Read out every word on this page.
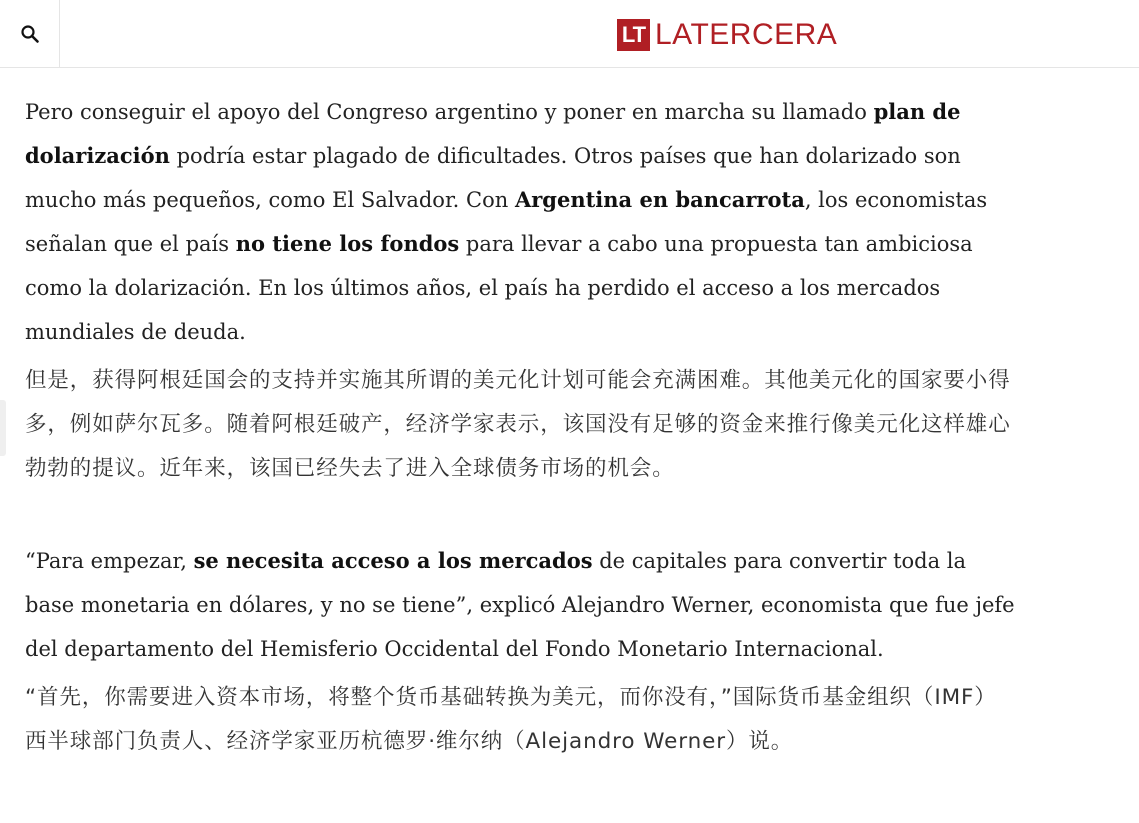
LT LATERCERA

Pero conseguir el apoyo del Congreso argentino y poner en marcha su llamado plan de dolarización podría estar plagado de dificultades. Otros países que han dolarizado son mucho más pequeños, como El Salvador. Con Argentina en bancarrota, los economistas señalan que el país no tiene los fondos para llevar a cabo una propuesta tan ambiciosa como la dolarización. En los últimos años, el país ha perdido el acceso a los mercados mundiales de deuda.

但是，获得阿根廷国会的支持并实施其所谓的美元化计划可能会充满困难。其他美元化的国家要小得多，例如萨尔瓦多。随着阿根廷破产，经济学家表示，该国没有足够的资金来推行像美元化这样雄心勃勃的提议。近年来，该国已经失去了进入全球债务市场的机会。

“Para empezar, se necesita acceso a los mercados de capitales para convertir toda la base monetaria en dólares, y no se tiene”, explicó Alejandro Werner, economista que fue jefe del departamento del Hemisferio Occidental del Fondo Monetario Internacional.

“首先，你需要进入资本市场，将整个货币基础转换为美元，而你没有，”国际货币基金组织（IMF）西半球部门负责人、经济学家亚历杭德罗·维尔纳（Alejandro Werner）说。
